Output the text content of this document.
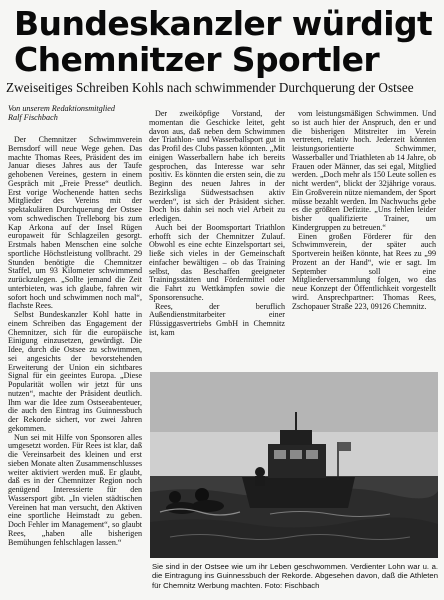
Bundeskanzler würdigt
Chemnitzer Sportler
Zweiseitiges Schreiben Kohls nach schwimmender Durchquerung der Ostsee
Von unserem Redaktionsmitglied
Ralf Fischbach

Der Chemnitzer Schwimmverein Bernsdorf will neue Wege gehen. Das machte Thomas Rees, Präsident des im Januar dieses Jahres aus der Taufe gehobenen Vereines, gestern in einem Gespräch mit „Freie Presse“ deutlich. Erst vorige Wochenende hatten sechs Mitglieder des Vereins mit der spektakulären Durchquerung der Ostsee vom schwedischen Trelleborg bis zum Kap Arkona auf der Insel Rügen europaweit für Schlagzeilen gesorgt. Erstmals haben Menschen eine solche sportliche Höchstleistung vollbracht. 29 Stunden benötigte die Chemnitzer Staffel, um 93 Kilometer schwimmend zurückzulegen. „Sollte jemand die Zeit unterbieten, was ich glaube, fahren wir sofort hoch und schwimmen noch mal“, flachste Rees.

Selbst Bundeskanzler Kohl hatte in einem Schreiben das Engagement der Chemnitzer, sich für die europäische Einigung einzusetzen, gewürdigt. Die Idee, durch die Ostsee zu schwimmen, sei angesichts der bevorstehenden Erweiterung der Union ein sichtbares Signal für ein geeintes Europa. „Diese Popularität wollen wir jetzt für uns nutzen“, machte der Präsident deutlich. Ihm war die Idee zum Ostseeabenteuer, die auch den Eintrag ins Guinnessbuch der Rekorde sichert, vor zwei Jahren gekommen.

Nun sei mit Hilfe von Sponsoren alles umgesetzt worden. Für Rees ist klar, daß die Vereinsarbeit des kleinen und erst sieben Monate alten Zusammenschlusses weiter aktiviert werden muß. Er glaubt, daß es in der Chemnitzer Region noch genügend Interessierte für den Wassersport gibt. „In vielen städtischen Vereinen hat man versucht, den Aktiven eine sportliche Heimstadt zu geben. Doch Fehler im Management“, so glaubt Rees, „haben alle bisherigen Bemühungen fehlschlagen lassen.“

Der zweiköpfige Vorstand, der momentan die Geschicke leitet, geht davon aus, daß neben dem Schwimmen der Triathlon- und Wasserballsport gut in das Profil des Clubs passen könnten. „Mit einigen Wasserballern habe ich bereits gesprochen, das Interesse war sehr positiv. Es könnten die ersten sein, die zu Beginn des neuen Jahres in der Bezirksliga Südwestsachsen aktiv werden“, ist sich der Präsident sicher. Doch bis dahin sei noch viel Arbeit zu erledigen.

Auch bei der Boomsportart Triathlon erhofft sich der Chemnitzer Zulauf. Obwohl es eine echte Einzelsportart sei, ließe sich vieles in der Gemeinschaft einfacher bewältigen – ob das Training selbst, das Beschaffen geeigneter Trainingsstätten und Fördermittel oder die Fahrt zu Wettkämpfen sowie die Sponsorensuche.

Rees, der beruflich Außendienstmitarbeiter einer Flüssiggasvertriebs GmbH in Chemnitz ist, kam

vom leistungsmäßigen Schwimmen. Und so ist auch hier der Anspruch, den er und die bisherigen Mitstreiter im Verein vertreten, relativ hoch. Jederzeit könnten leistungsorientierte Schwimmer, Wasserballer und Triathleten ab 14 Jahre, ob Frauen oder Männer, das sei egal, Mitglied werden. „Doch mehr als 150 Leute sollen es nicht werden“, blickt der 32jährige voraus. Ein Großverein nütze niemandem, der Sport müsse bezahlt werden. Im Nachwuchs gebe es die größten Defizite. „Uns fehlen leider bisher qualifizierte Trainer, um Kindergruppen zu betreuen.“

Einen großen Förderer für den Schwimmverein, der später auch Sportverein heißen könnte, hat Rees zu „99 Prozent an der Hand“, wie er sagt. Im September soll eine Mitgliederversammlung folgen, wo das neue Konzept der Öffentlichkeit vorgestellt wird. Ansprechpartner: Thomas Rees, Zschopauer Straße 223, 09126 Chemnitz.

Sie sind in der Ostsee wie um ihr Leben geschwommen. Verdienter Lohn war u. a. die Eintragung ins Guinnessbuch der Rekorde. Abgesehen davon, daß die Athleten für Chemnitz Werbung machten. Foto: Fischbach
